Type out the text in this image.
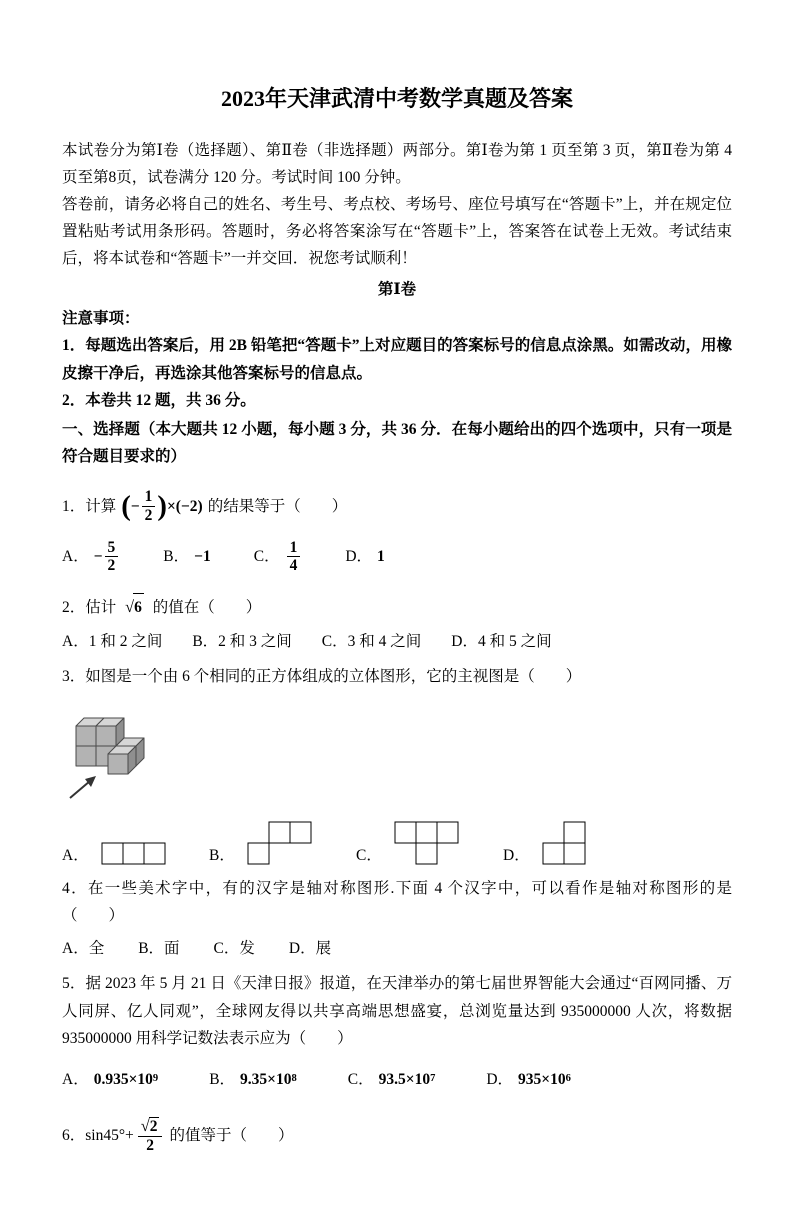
2023年天津武清中考数学真题及答案

本试卷分为第Ⅰ卷（选择题）、第Ⅱ卷（非选择题）两部分。第Ⅰ卷为第 1 页至第 3 页，第Ⅱ卷为第 4 页至第8页，试卷满分 120 分。考试时间 100 分钟。

答卷前，请务必将自己的姓名、考生号、考点校、考场号、座位号填写在“答题卡”上，并在规定位置粘贴考试用条形码。答题时，务必将答案涂写在“答题卡”上，答案答在试卷上无效。考试结束后，将本试卷和“答题卡”一并交回．祝您考试顺利！

第Ⅰ卷

注意事项：

1．每题选出答案后，用 2B 铅笔把“答题卡”上对应题目的答案标号的信息点涂黑。如需改动，用橡皮擦干净后，再选涂其他答案标号的信息点。

2．本卷共 12 题，共 36 分。

一、选择题（本大题共 12 小题，每小题 3 分，共 36 分．在每小题给出的四个选项中，只有一项是符合题目要求的）

1．计算 ( − $\frac{1}{2}$ ) ×(−2) 的结果等于（　　）
A． − $\frac{5}{2}$	B． −1	C． $\frac{1}{4}$	D． 1
2．估计 √ 6 的值在（　　）
A．1 和 2 之间 B．2 和 3 之间 C．3 和 4 之间 D．4 和 5 之间
3．如图是一个由 6 个相同的正方体组成的立体图形，它的主视图是（　　）
A．	B．	C．	D．
4．在一些美术字中，有的汉字是轴对称图形.下面 4 个汉字中，可以看作是轴对称图形的是（　　）
A．全 B．面 C．发 D．展
5．据 2023 年 5 月 21 日《天津日报》报道，在天津举办的第七届世界智能大会通过“百网同播、万人同屏、亿人同观”，全球网友得以共享高端思想盛宴，总浏览量达到 935000000 人次，将数据 935000000 用科学记数法表示应为（　　）
A． 0.935×10 9	B． 9.35×10 8	C． 93.5×10 7	D． 935×10 6
6．$\sin 45^\circ+ \frac{√2}{2}$ 的值等于（　　）
